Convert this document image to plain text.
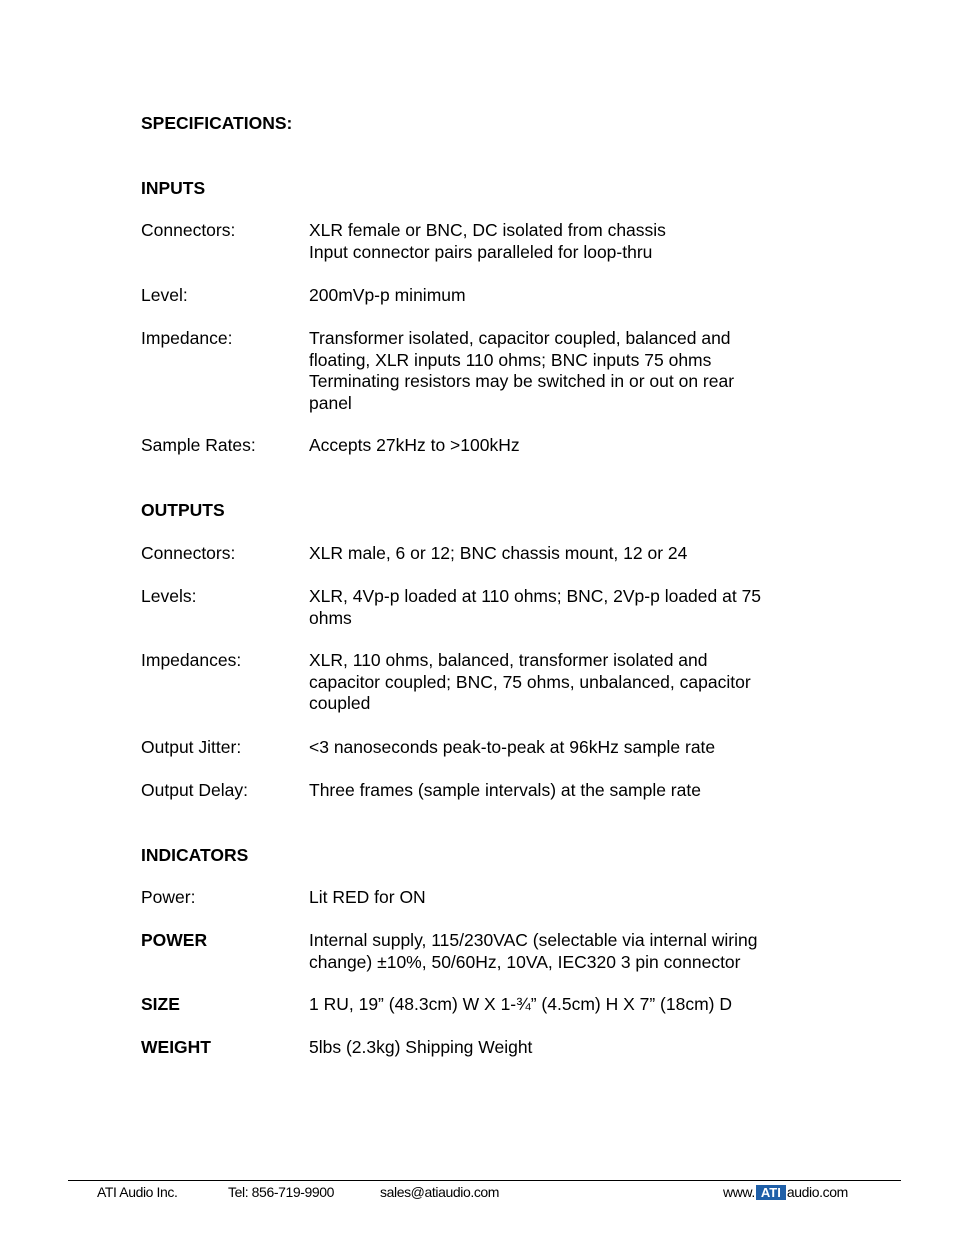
SPECIFICATIONS:
INPUTS
Connectors:	XLR female or BNC, DC isolated from chassis
Input connector pairs paralleled for loop-thru
Level:	200mVp-p minimum
Impedance:	Transformer isolated, capacitor coupled, balanced and
floating, XLR inputs 110 ohms; BNC inputs 75 ohms
Terminating resistors may be switched in or out on rear
panel
Sample Rates:	Accepts 27kHz to >100kHz
OUTPUTS
Connectors:	XLR male, 6 or 12; BNC chassis mount, 12 or 24
Levels:	XLR, 4Vp-p loaded at 110 ohms; BNC, 2Vp-p loaded at 75
ohms
Impedances:	XLR, 110 ohms, balanced, transformer isolated and
capacitor coupled; BNC, 75 ohms, unbalanced, capacitor
coupled
Output Jitter:	<3 nanoseconds peak-to-peak at 96kHz sample rate
Output Delay:	Three frames (sample intervals) at the sample rate
INDICATORS
Power:	Lit RED for ON
POWER	Internal supply, 115/230VAC (selectable via internal wiring
change) ±10%, 50/60Hz, 10VA, IEC320 3 pin connector
SIZE	1 RU, 19” (48.3cm) W X 1-¾” (4.5cm) H X 7” (18cm) D
WEIGHT	5lbs (2.3kg) Shipping Weight
ATI Audio Inc.	Tel: 856-719-9900	sales@atiaudio.com	www. ATI audio.com
